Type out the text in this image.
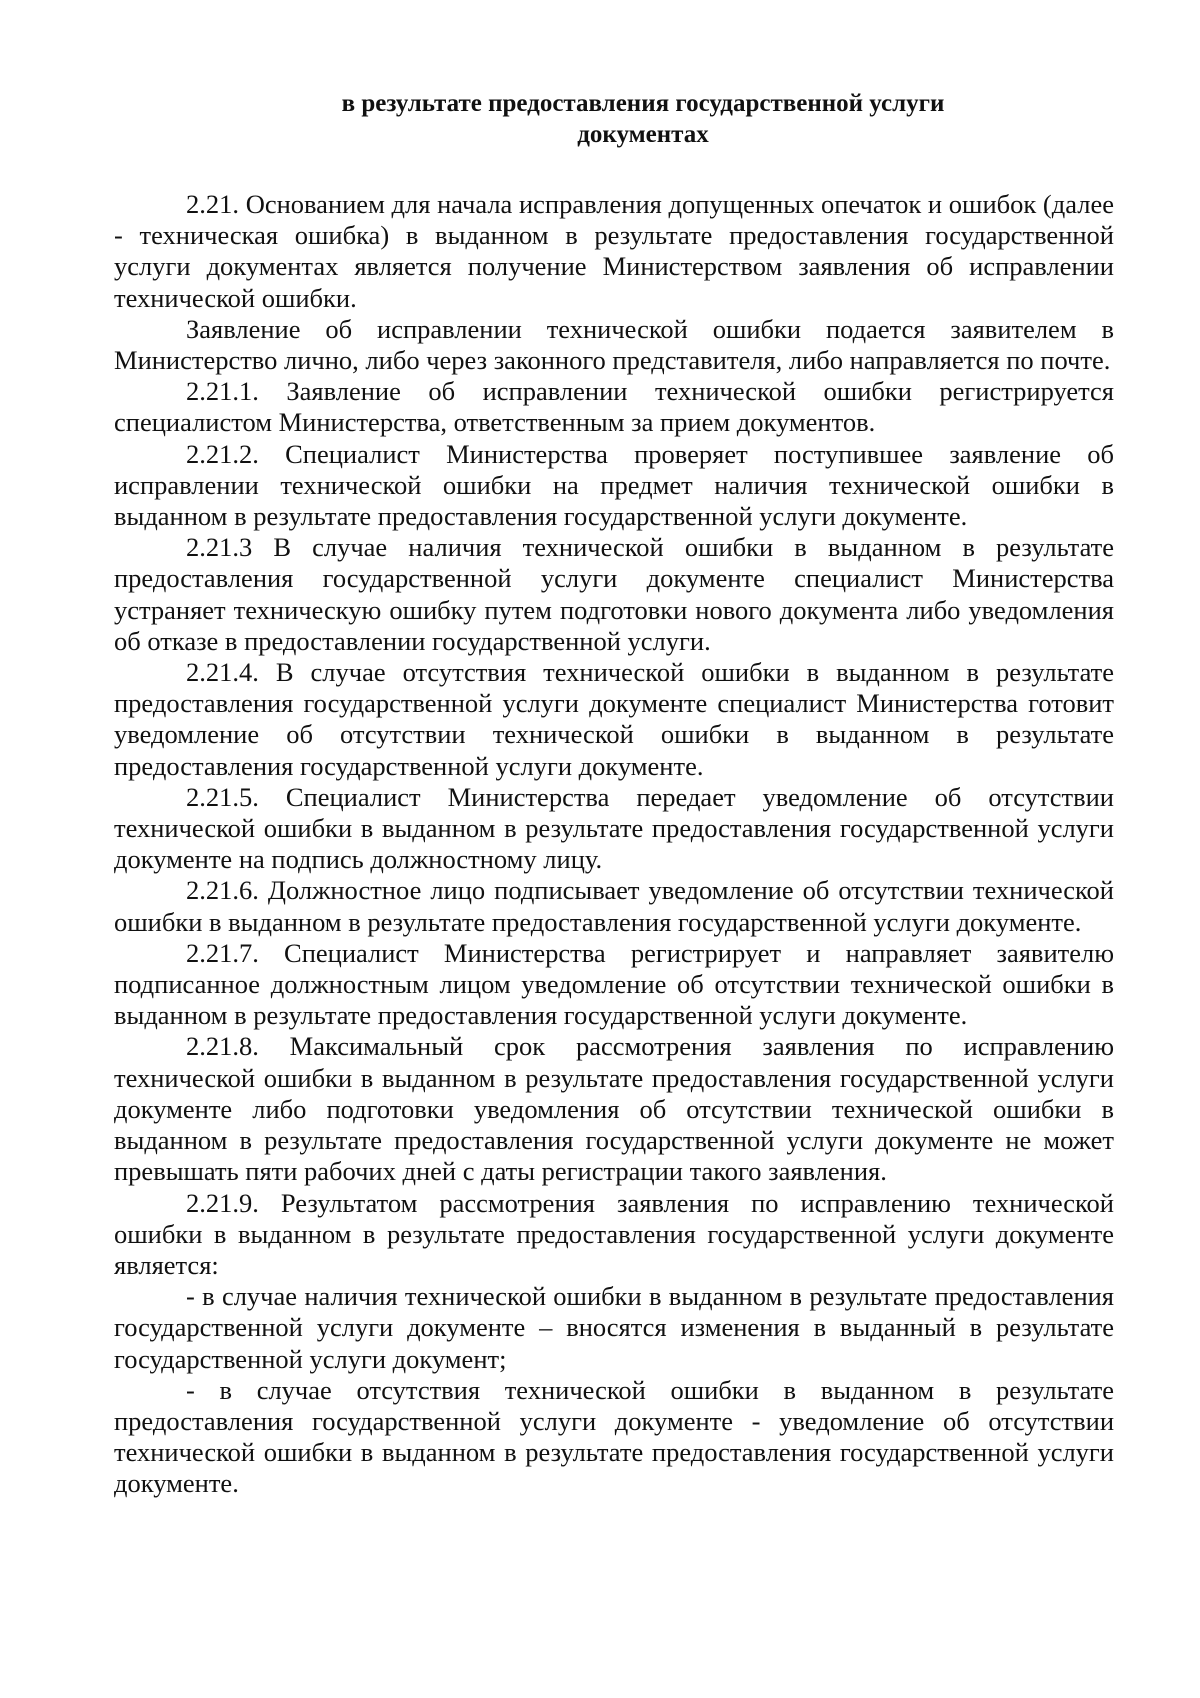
в результате предоставления государственной услуги
документах

2.21. Основанием для начала исправления допущенных опечаток и ошибок (далее - техническая ошибка) в выданном в результате предоставления государственной услуги документах является получение Министерством заявления об исправлении технической ошибки.

Заявление об исправлении технической ошибки подается заявителем в Министерство лично, либо через законного представителя, либо направляется по почте.

2.21.1. Заявление об исправлении технической ошибки регистрируется специалистом Министерства, ответственным за прием документов.

2.21.2. Специалист Министерства проверяет поступившее заявление об исправлении технической ошибки на предмет наличия технической ошибки в выданном в результате предоставления государственной услуги документе.

2.21.3 В случае наличия технической ошибки в выданном в результате предоставления государственной услуги документе специалист Министерства устраняет техническую ошибку путем подготовки нового документа либо уведомления об отказе в предоставлении государственной услуги.

2.21.4. В случае отсутствия технической ошибки в выданном в результате предоставления государственной услуги документе специалист Министерства готовит уведомление об отсутствии технической ошибки в выданном в результате предоставления государственной услуги документе.

2.21.5. Специалист Министерства передает уведомление об отсутствии технической ошибки в выданном в результате предоставления государственной услуги документе на подпись должностному лицу.

2.21.6. Должностное лицо подписывает уведомление об отсутствии технической ошибки в выданном в результате предоставления государственной услуги документе.

2.21.7. Специалист Министерства регистрирует и направляет заявителю подписанное должностным лицом уведомление об отсутствии технической ошибки в выданном в результате предоставления государственной услуги документе.

2.21.8. Максимальный срок рассмотрения заявления по исправлению технической ошибки в выданном в результате предоставления государственной услуги документе либо подготовки уведомления об отсутствии технической ошибки в выданном в результате предоставления государственной услуги документе не может превышать пяти рабочих дней с даты регистрации такого заявления.

2.21.9. Результатом рассмотрения заявления по исправлению технической ошибки в выданном в результате предоставления государственной услуги документе является:

- в случае наличия технической ошибки в выданном в результате предоставления государственной услуги документе – вносятся изменения в выданный в результате государственной услуги документ;

- в случае отсутствия технической ошибки в выданном в результате предоставления государственной услуги документе - уведомление об отсутствии технической ошибки в выданном в результате предоставления государственной услуги документе.
